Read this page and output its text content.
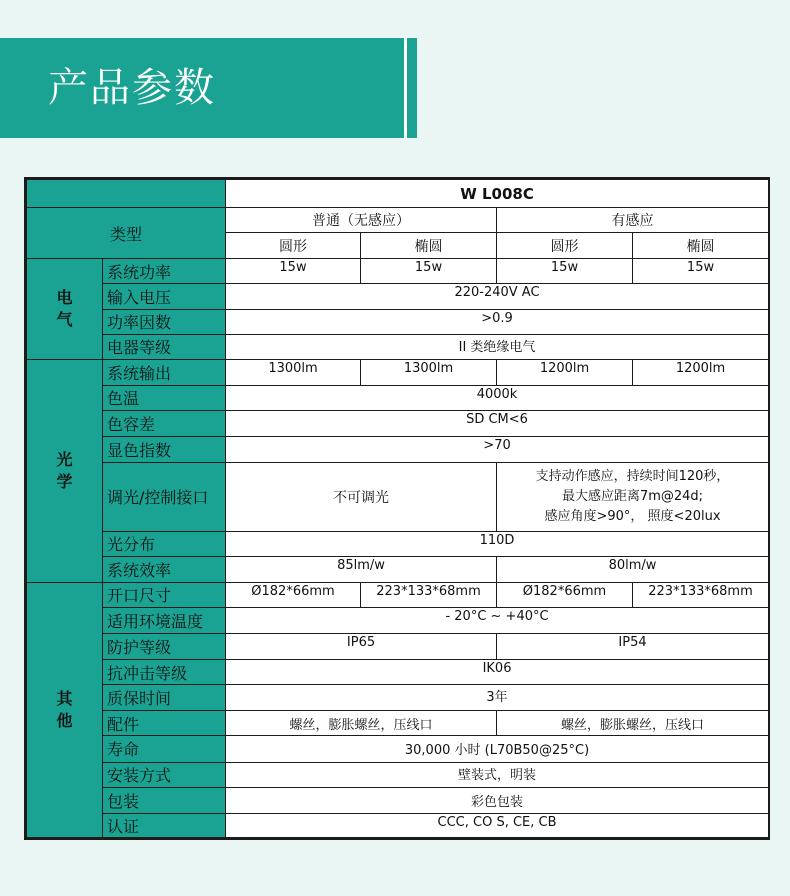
产品参数
		W L008C			
类型		普通（无感应）		有感应	
		圆形	椭圆	圆形	椭圆
电
气	系统功率	15w	15w	15w	15w
	输入电压	220-240V AC			
	功率因数	>0.9			
	电器等级	II 类绝缘电气			
光
学	系统输出	1300lm	1300lm	1200lm	1200lm
	色温	4000k			
	色容差	SD CM<6			
	显色指数	>70			
	调光/控制接口	不可调光		支持动作感应，持续时间120秒，
最大感应距离7m@24d;
感应角度>90°， 照度<20lux	

	光分布	110D			
	系统效率	85lm/w		80lm/w	
其
他	开口尺寸	Ø182*66mm	223*133*68mm	Ø182*66mm	223*133*68mm
	适用环境温度	- 20°C ~ +40°C			
	防护等级	IP65		IP54	
	抗冲击等级	IK06			
	质保时间	3年			
	配件	螺丝，膨胀螺丝，压线口		螺丝，膨胀螺丝，压线口	
	寿命	30,000 小时 (L70B50@25°C)			
	安装方式	壁装式，明装			
	包装	彩色包装			
	认证	CCC, CO S, CE, CB			
